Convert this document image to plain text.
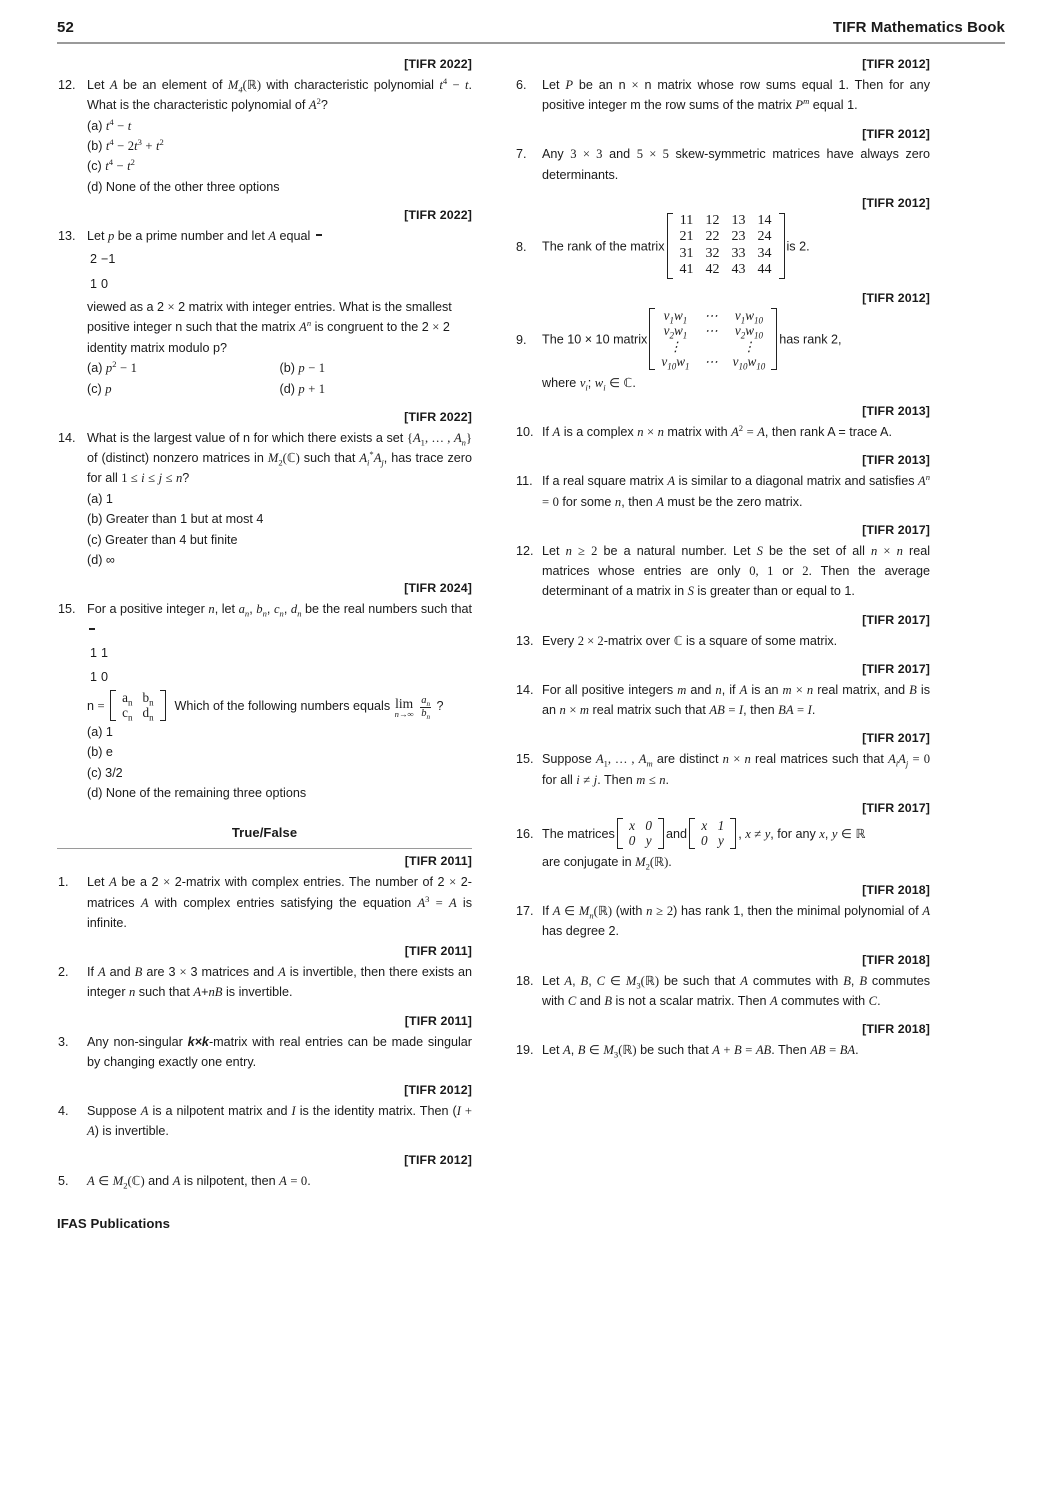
52	TIFR Mathematics Book
[TIFR 2022]
12. Let A be an element of $M_4(ℝ)$ with characteristic polynomial $t^4 - t$. What is the characteristic polynomial of $A^2$?

(a) $t^4 - t$

(b) $t^4 - 2t^3 + t^2$

(c) $t^4 - t^2$

(d) None of the other three options

[TIFR 2022]
13. Let p be a prime number and let A equal

2	−1
1	0
viewed as a 2 × 2 matrix with integer entries. What is the smallest positive integer n such that the matrix $A^n$ is congruent to the 2 × 2 identity matrix modulo p?

(a) $p^2 - 1$	(b) p − 1

(c) p	(d) p + 1

[TIFR 2022]
14. What is the largest value of n for which there exists a set {$A_1$, … , $A_n$} of (distinct) nonzero matrices in $M_2(ℂ)$ such that $A_i^*A_j$, has trace zero for all 1 ≤ i ≤ j ≤ n?

(a) 1

(b) Greater than 1 but at most 4

(c) Greater than 4 but finite

(d) ∞

[TIFR 2024]
15. For a positive integer n, let $a_n$, $b_n$, $c_n$, $d_n$ be the real numbers such that

1	1
1	0
n =
$a_n$	$b_n$
$c_n$	$d_n$
Which of the following numbers equals lim
n→∞
$\frac{a_n}{b_n}$ ?

(a) 1

(b) e

(c) 3/2

(d) None of the remaining three options

True/False
[TIFR 2011]
1.	Let A be a 2 × 2-matrix with complex entries. The number of 2 × 2-matrices A with complex entries satisfying the equation $A^3 = A$ is infinite.
[TIFR 2011]
2.	If A and B are 3 × 3 matrices and A is invertible, then there exists an integer n such that A+nB is invertible.
[TIFR 2011]
3.	Any non-singular k×k-matrix with real entries can be made singular by changing exactly one entry.
[TIFR 2012]
4.	Suppose A is a nilpotent matrix and I is the identity matrix. Then (I + A) is invertible.
[TIFR 2012]
5.	A ∈ $M_2(ℂ)$ and A is nilpotent, then A = 0.
[TIFR 2012]
6.	Let P be an n × n matrix whose row sums equal 1. Then for any positive integer m the row sums of the matrix $P^m$ equal 1.
[TIFR 2012]
7.	Any 3 × 3 and 5 × 5 skew-symmetric matrices have always zero determinants.
[TIFR 2012]
8.	The rank of the matrix
11	12	13	14
21	22	23	24
31	32	33	34
41	42	43	44
is 2.
[TIFR 2012]
9.	The 10 × 10 matrix
$v_1w_1$	⋯	$v_1w_{10}$
$v_2w_1$	⋯	$v_2w_{10}$
⋮		⋮
$v_{10}w_1$	⋯	$v_{10}w_{10}$
has rank 2,
where $v_i$; $w_i$ ∈ ℂ.
[TIFR 2013]
10. If A is a complex n × n matrix with $A^2 = A$, then rank A = trace A.
[TIFR 2013]
11. If a real square matrix A is similar to a diagonal matrix and satisfies $A^n = 0$ for some n, then A must be the zero matrix.
[TIFR 2017]
12. Let n ≥ 2 be a natural number. Let S be the set of all n × n real matrices whose entries are only 0, 1 or 2. Then the average determinant of a matrix in S is greater than or equal to 1.
[TIFR 2017]
13. Every 2 × 2-matrix over ℂ is a square of some matrix.
[TIFR 2017]
14. For all positive integers m and n, if A is an m × n real matrix, and B is an n × m real matrix such that AB = I, then BA = I.
[TIFR 2017]
15. Suppose $A_1$, … , $A_m$ are distinct n × n real matrices such that $A_iA_j = 0$ for all i ≠ j. Then m ≤ n.
[TIFR 2017]
16. The matrices
x	0
0	y and
x	1
0	y , x ≠ y, for any x, y ∈ ℝ
are conjugate in $M_2(ℝ)$.
[TIFR 2018]
17. If A ∈ $M_n(ℝ)$ (with n ≥ 2) has rank 1, then the minimal polynomial of A has degree 2.
[TIFR 2018]
18. Let A, B, C ∈ $M_3(ℝ)$ be such that A commutes with B, B commutes with C and B is not a scalar matrix. Then A commutes with C.
[TIFR 2018]
19. Let A, B ∈ $M_3(ℝ)$ be such that A + B = AB. Then AB = BA.
IFAS Publications
